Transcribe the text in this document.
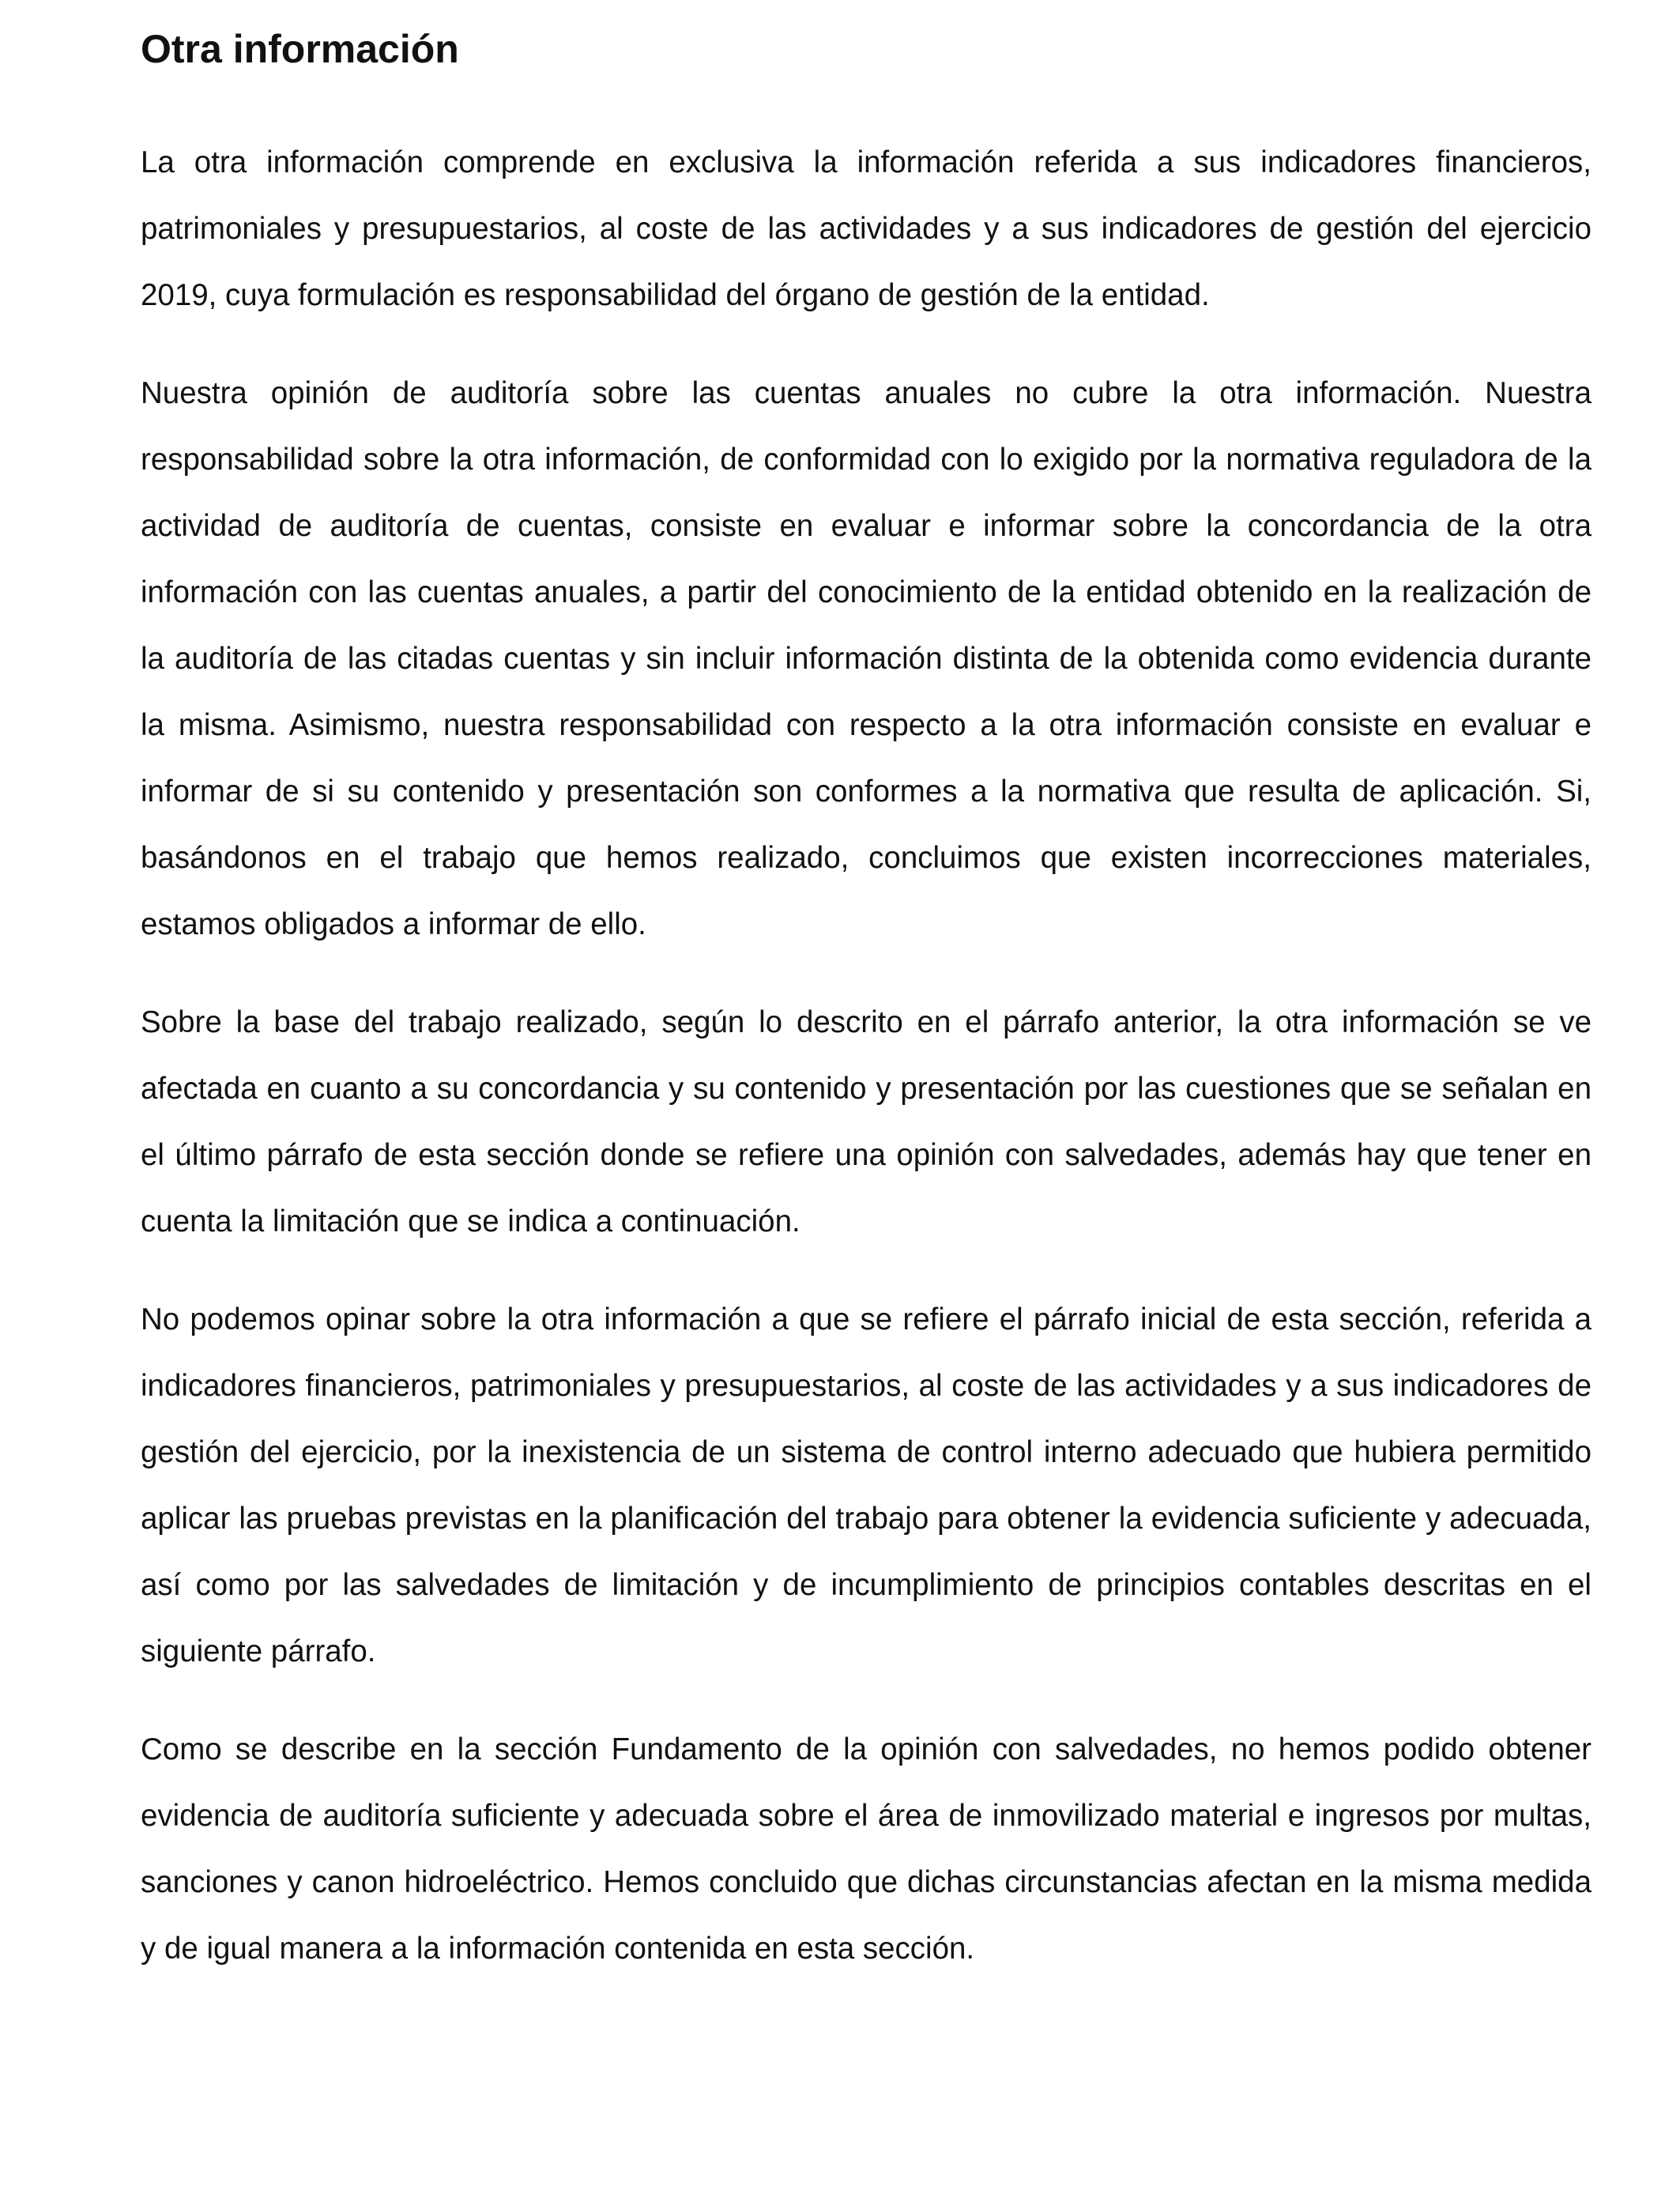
Otra información

La otra información comprende en exclusiva la información referida a sus indicadores financieros, patrimoniales y presupuestarios, al coste de las actividades y a sus indicadores de gestión del ejercicio 2019, cuya formulación es responsabilidad del órgano de gestión de la entidad.

Nuestra opinión de auditoría sobre las cuentas anuales no cubre la otra información. Nuestra responsabilidad sobre la otra información, de conformidad con lo exigido por la normativa reguladora de la actividad de auditoría de cuentas, consiste en evaluar e informar sobre la concordancia de la otra información con las cuentas anuales, a partir del conocimiento de la entidad obtenido en la realización de la auditoría de las citadas cuentas y sin incluir información distinta de la obtenida como evidencia durante la misma. Asimismo, nuestra responsabilidad con respecto a la otra información consiste en evaluar e informar de si su contenido y presentación son conformes a la normativa que resulta de aplicación. Si, basándonos en el trabajo que hemos realizado, concluimos que existen incorrecciones materiales, estamos obligados a informar de ello.

Sobre la base del trabajo realizado, según lo descrito en el párrafo anterior, la otra información se ve afectada en cuanto a su concordancia y su contenido y presentación por las cuestiones que se señalan en el último párrafo de esta sección donde se refiere una opinión con salvedades, además hay que tener en cuenta la limitación que se indica a continuación.

No podemos opinar sobre la otra información a que se refiere el párrafo inicial de esta sección, referida a indicadores financieros, patrimoniales y presupuestarios, al coste de las actividades y a sus indicadores de gestión del ejercicio, por la inexistencia de un sistema de control interno adecuado que hubiera permitido aplicar las pruebas previstas en la planificación del trabajo para obtener la evidencia suficiente y adecuada, así como por las salvedades de limitación y de incumplimiento de principios contables descritas en el siguiente párrafo.

Como se describe en la sección Fundamento de la opinión con salvedades, no hemos podido obtener evidencia de auditoría suficiente y adecuada sobre el área de inmovilizado material e ingresos por multas, sanciones y canon hidroeléctrico. Hemos concluido que dichas circunstancias afectan en la misma medida y de igual manera a la información contenida en esta sección.
